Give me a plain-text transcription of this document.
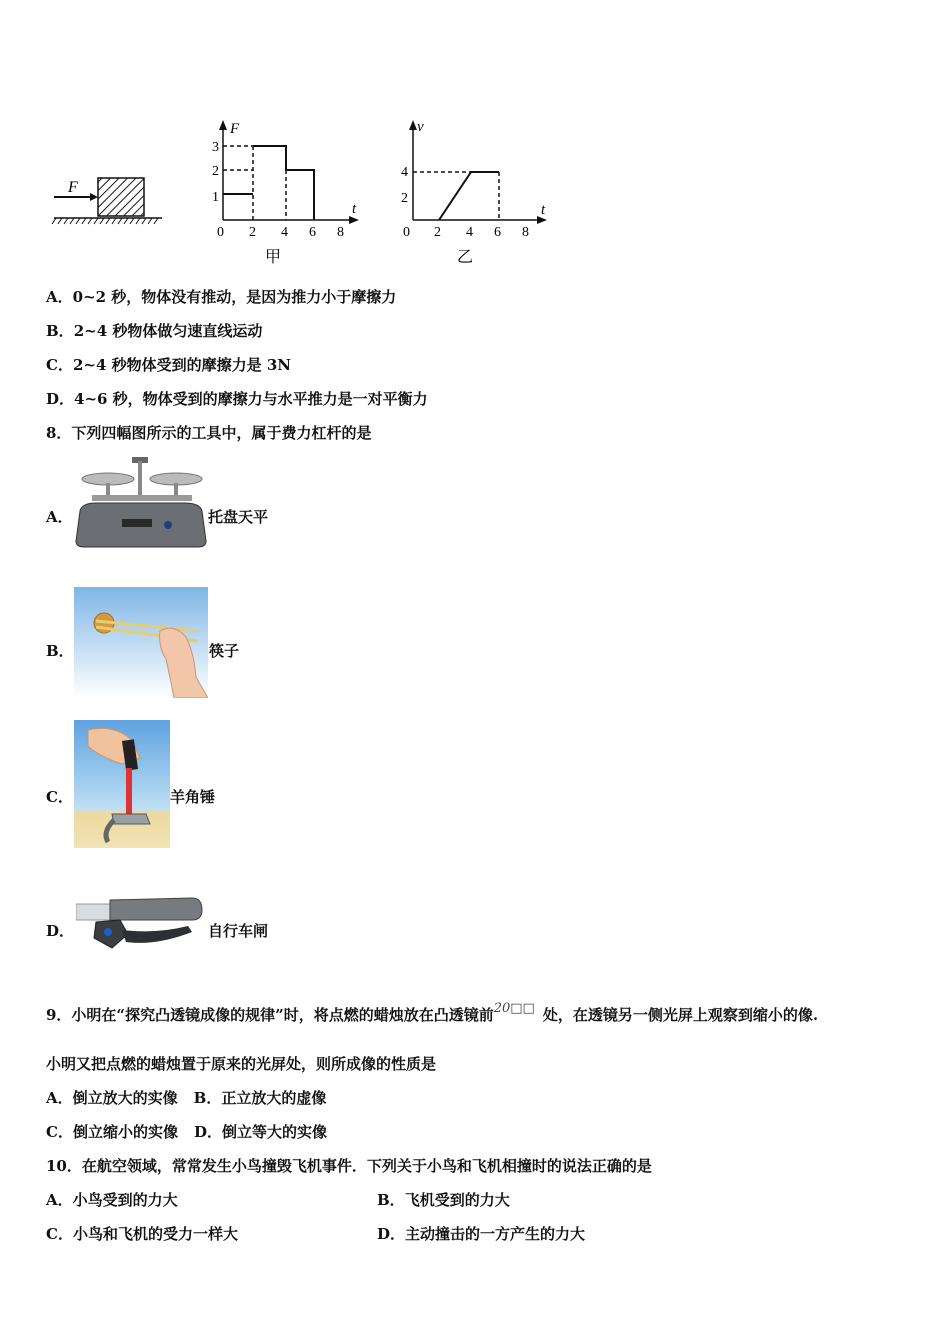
F
F
t
1
2
3
0 2 4 6 8
甲
v
t
2
4
0 2 4 6 8
乙
A．0~2 秒，物体没有推动，是因为推力小于摩擦力
B．2~4 秒物体做匀速直线运动
C．2~4 秒物体受到的摩擦力是 3N
D．4~6 秒，物体受到的摩擦力与水平推力是一对平衡力
8．下列四幅图所示的工具中，属于费力杠杆的是
A．	托盘天平
B．	筷子
C．	羊角锤
D．	自行车闸
9．小明在“探究凸透镜成像的规律”时，将点燃的蜡烛放在凸透镜前20□□ 处，在透镜另一侧光屏上观察到缩小的像.
小明又把点燃的蜡烛置于原来的光屏处，则所成像的性质是
A．倒立放大的实像 B．正立放大的虚像
C．倒立缩小的实像 D．倒立等大的实像
10．在航空领域，常常发生小鸟撞毁飞机事件．下列关于小鸟和飞机相撞时的说法正确的是
A．小鸟受到的力大	B．飞机受到的力大
C．小鸟和飞机的受力一样大	D．主动撞击的一方产生的力大
